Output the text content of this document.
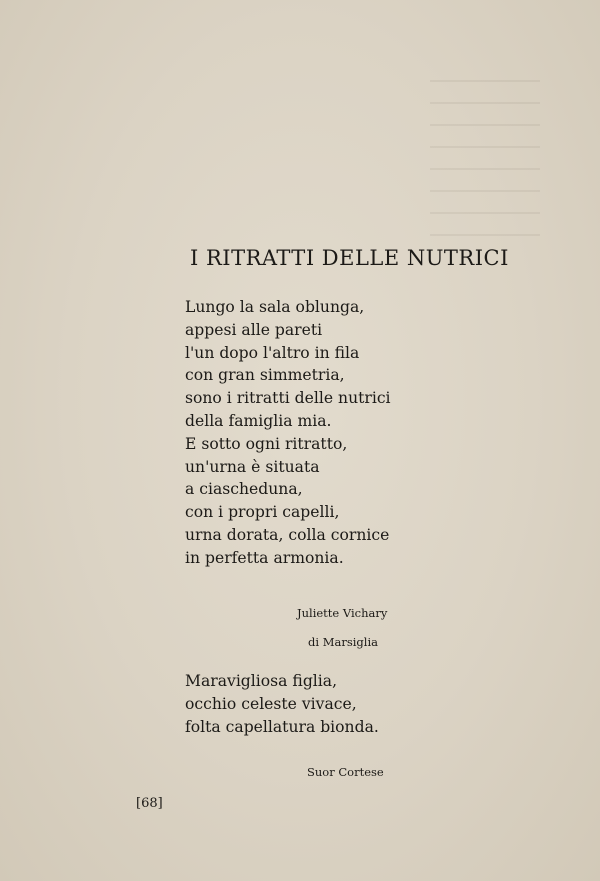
I RITRATTI DELLE NUTRICI
Lungo la sala oblunga,
appesi alle pareti
l'un dopo l'altro in fila
con gran simmetria,
sono i ritratti delle nutrici
della famiglia mia.
E sotto ogni ritratto,
un'urna è situata
a ciascheduna,
con i propri capelli,
urna dorata, colla cornice
in perfetta armonia.
Juliette Vichary
di Marsiglia
Maravigliosa figlia,
occhio celeste vivace,
folta capellatura bionda.
Suor Cortese
[68]
